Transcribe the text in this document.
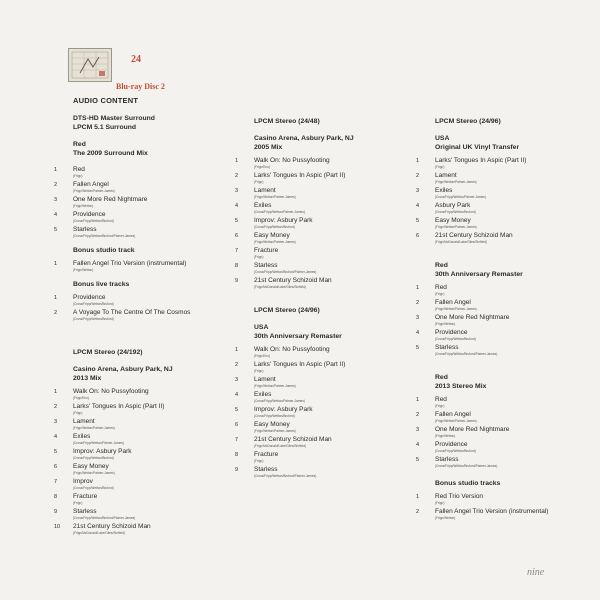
24
Blu-ray Disc 2
AUDIO CONTENT
DTS-HD Master Surround
LPCM 5.1 Surround
Red
The 2009 Surround Mix
1	Red
(Fripp)
2	Fallen Angel
(Fripp/Wetton/Palmer-James)
3	One More Red Nightmare
(Fripp/Wetton)
4	Providence
(Cross/Fripp/Wetton/Bruford)
5	Starless
(Cross/Fripp/Wetton/Bruford/Palmer-James)
Bonus studio track
1	Fallen Angel Trio Version (instrumental)
(Fripp/Wetton)
Bonus live tracks
1	Providence
(Cross/Fripp/Wetton/Bruford)
2	A Voyage To The Centre Of The Cosmos
(Cross/Fripp/Wetton/Bruford)
LPCM Stereo (24/192)
Casino Arena, Asbury Park, NJ
2013 Mix
1	Walk On: No Pussyfooting
(Fripp/Eno)
2	Larks' Tongues In Aspic (Part II)
(Fripp)
3	Lament
(Fripp/Wetton/Palmer-James)
4	Exiles
(Cross/Fripp/Wetton/Palmer-James)
5	Improv: Asbury Park
(Cross/Fripp/Wetton/Bruford)
6	Easy Money
(Fripp/Wetton/Palmer-James)
7	Improv
(Cross/Fripp/Wetton/Bruford)
8	Fracture
(Fripp)
9	Starless
(Cross/Fripp/Wetton/Bruford/Palmer-James)
10	21st Century Schizoid Man
(Fripp/McDonald/Lake/Giles/Sinfield)
LPCM Stereo (24/48)
Casino Arena, Asbury Park, NJ
2005 Mix
1	Walk On: No Pussyfooting
(Fripp/Eno)
2	Larks' Tongues In Aspic (Part II)
(Fripp)
3	Lament
(Fripp/Wetton/Palmer-James)
4	Exiles
(Cross/Fripp/Wetton/Palmer-James)
5	Improv: Asbury Park
(Cross/Fripp/Wetton/Bruford)
6	Easy Money
(Fripp/Wetton/Palmer-James)
7	Fracture
(Fripp)
8	Starless
(Cross/Fripp/Wetton/Bruford/Palmer-James)
9	21st Century Schizoid Man
(Fripp/McDonald/Lake/Giles/Sinfield)
LPCM Stereo (24/96)
USA
30th Anniversary Remaster
1	Walk On: No Pussyfooting
(Fripp/Eno)
2	Larks' Tongues In Aspic (Part II)
(Fripp)
3	Lament
(Fripp/Wetton/Palmer-James)
4	Exiles
(Cross/Fripp/Wetton/Palmer-James)
5	Improv: Asbury Park
(Cross/Fripp/Wetton/Bruford)
6	Easy Money
(Fripp/Wetton/Palmer-James)
7	21st Century Schizoid Man
(Fripp/McDonald/Lake/Giles/Sinfield)
8	Fracture
(Fripp)
9	Starless
(Cross/Fripp/Wetton/Bruford/Palmer-James)
LPCM Stereo (24/96)
USA
Original UK Vinyl Transfer
1	Larks' Tongues In Aspic (Part II)
(Fripp)
2	Lament
(Fripp/Wetton/Palmer-James)
3	Exiles
(Cross/Fripp/Wetton/Palmer-James)
4	Asbury Park
(Cross/Fripp/Wetton/Bruford)
5	Easy Money
(Fripp/Wetton/Palmer-James)
6	21st Century Schizoid Man
(Fripp/McDonald/Lake/Giles/Sinfield)
Red
30th Anniversary Remaster
1	Red
(Fripp)
2	Fallen Angel
(Fripp/Wetton/Palmer-James)
3	One More Red Nightmare
(Fripp/Wetton)
4	Providence
(Cross/Fripp/Wetton/Bruford)
5	Starless
(Cross/Fripp/Wetton/Bruford/Palmer-James)
Red
2013 Stereo Mix
1	Red
(Fripp)
2	Fallen Angel
(Fripp/Wetton/Palmer-James)
3	One More Red Nightmare
(Fripp/Wetton)
4	Providence
(Cross/Fripp/Wetton/Bruford)
5	Starless
(Cross/Fripp/Wetton/Bruford/Palmer-James)
Bonus studio tracks
1	Red Trio Version
(Fripp)
2	Fallen Angel Trio Version (instrumental)
(Fripp/Wetton)
nine
